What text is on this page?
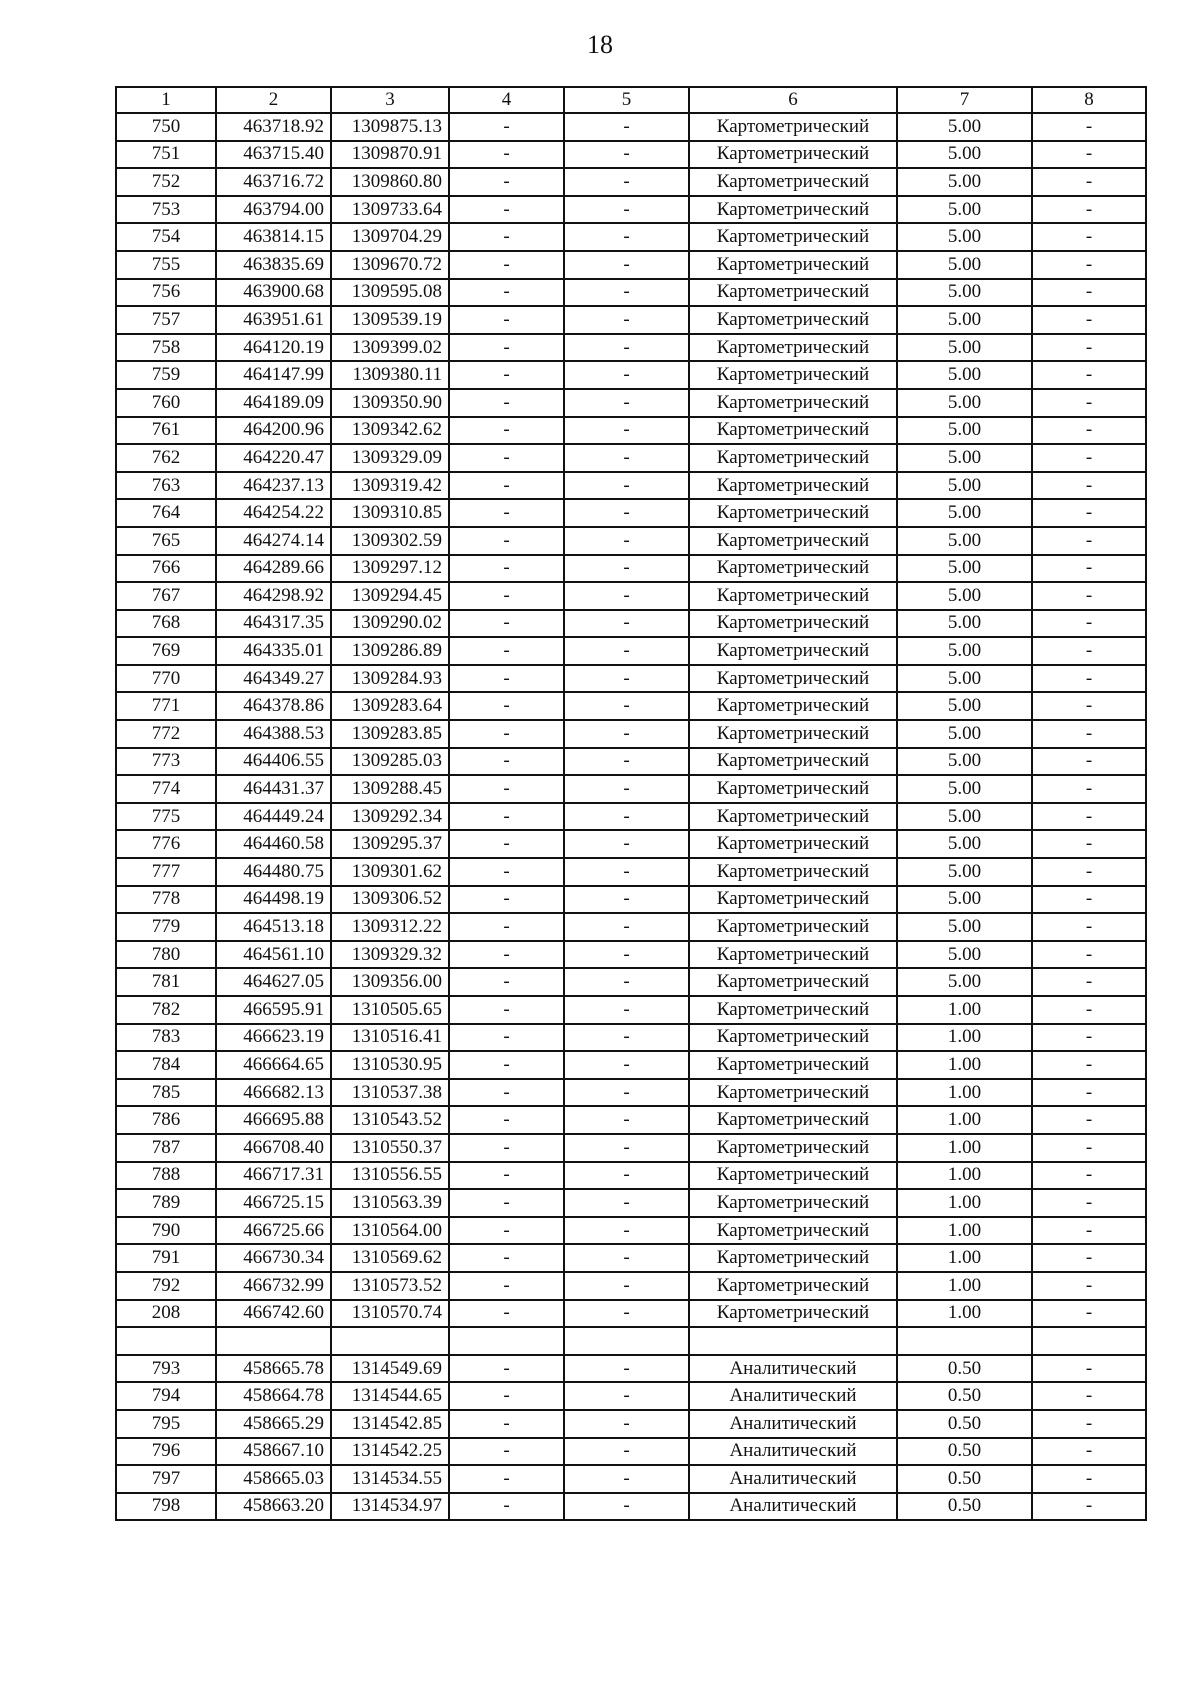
18
1	2	3	4	5	6	7	8
750	463718.92	1309875.13	-	-	Картометрический	5.00	-
751	463715.40	1309870.91	-	-	Картометрический	5.00	-
752	463716.72	1309860.80	-	-	Картометрический	5.00	-
753	463794.00	1309733.64	-	-	Картометрический	5.00	-
754	463814.15	1309704.29	-	-	Картометрический	5.00	-
755	463835.69	1309670.72	-	-	Картометрический	5.00	-
756	463900.68	1309595.08	-	-	Картометрический	5.00	-
757	463951.61	1309539.19	-	-	Картометрический	5.00	-
758	464120.19	1309399.02	-	-	Картометрический	5.00	-
759	464147.99	1309380.11	-	-	Картометрический	5.00	-
760	464189.09	1309350.90	-	-	Картометрический	5.00	-
761	464200.96	1309342.62	-	-	Картометрический	5.00	-
762	464220.47	1309329.09	-	-	Картометрический	5.00	-
763	464237.13	1309319.42	-	-	Картометрический	5.00	-
764	464254.22	1309310.85	-	-	Картометрический	5.00	-
765	464274.14	1309302.59	-	-	Картометрический	5.00	-
766	464289.66	1309297.12	-	-	Картометрический	5.00	-
767	464298.92	1309294.45	-	-	Картометрический	5.00	-
768	464317.35	1309290.02	-	-	Картометрический	5.00	-
769	464335.01	1309286.89	-	-	Картометрический	5.00	-
770	464349.27	1309284.93	-	-	Картометрический	5.00	-
771	464378.86	1309283.64	-	-	Картометрический	5.00	-
772	464388.53	1309283.85	-	-	Картометрический	5.00	-
773	464406.55	1309285.03	-	-	Картометрический	5.00	-
774	464431.37	1309288.45	-	-	Картометрический	5.00	-
775	464449.24	1309292.34	-	-	Картометрический	5.00	-
776	464460.58	1309295.37	-	-	Картометрический	5.00	-
777	464480.75	1309301.62	-	-	Картометрический	5.00	-
778	464498.19	1309306.52	-	-	Картометрический	5.00	-
779	464513.18	1309312.22	-	-	Картометрический	5.00	-
780	464561.10	1309329.32	-	-	Картометрический	5.00	-
781	464627.05	1309356.00	-	-	Картометрический	5.00	-
782	466595.91	1310505.65	-	-	Картометрический	1.00	-
783	466623.19	1310516.41	-	-	Картометрический	1.00	-
784	466664.65	1310530.95	-	-	Картометрический	1.00	-
785	466682.13	1310537.38	-	-	Картометрический	1.00	-
786	466695.88	1310543.52	-	-	Картометрический	1.00	-
787	466708.40	1310550.37	-	-	Картометрический	1.00	-
788	466717.31	1310556.55	-	-	Картометрический	1.00	-
789	466725.15	1310563.39	-	-	Картометрический	1.00	-
790	466725.66	1310564.00	-	-	Картометрический	1.00	-
791	466730.34	1310569.62	-	-	Картометрический	1.00	-
792	466732.99	1310573.52	-	-	Картометрический	1.00	-
208	466742.60	1310570.74	-	-	Картометрический	1.00	-

793	458665.78	1314549.69	-	-	Аналитический	0.50	-
794	458664.78	1314544.65	-	-	Аналитический	0.50	-
795	458665.29	1314542.85	-	-	Аналитический	0.50	-
796	458667.10	1314542.25	-	-	Аналитический	0.50	-
797	458665.03	1314534.55	-	-	Аналитический	0.50	-
798	458663.20	1314534.97	-	-	Аналитический	0.50	-
